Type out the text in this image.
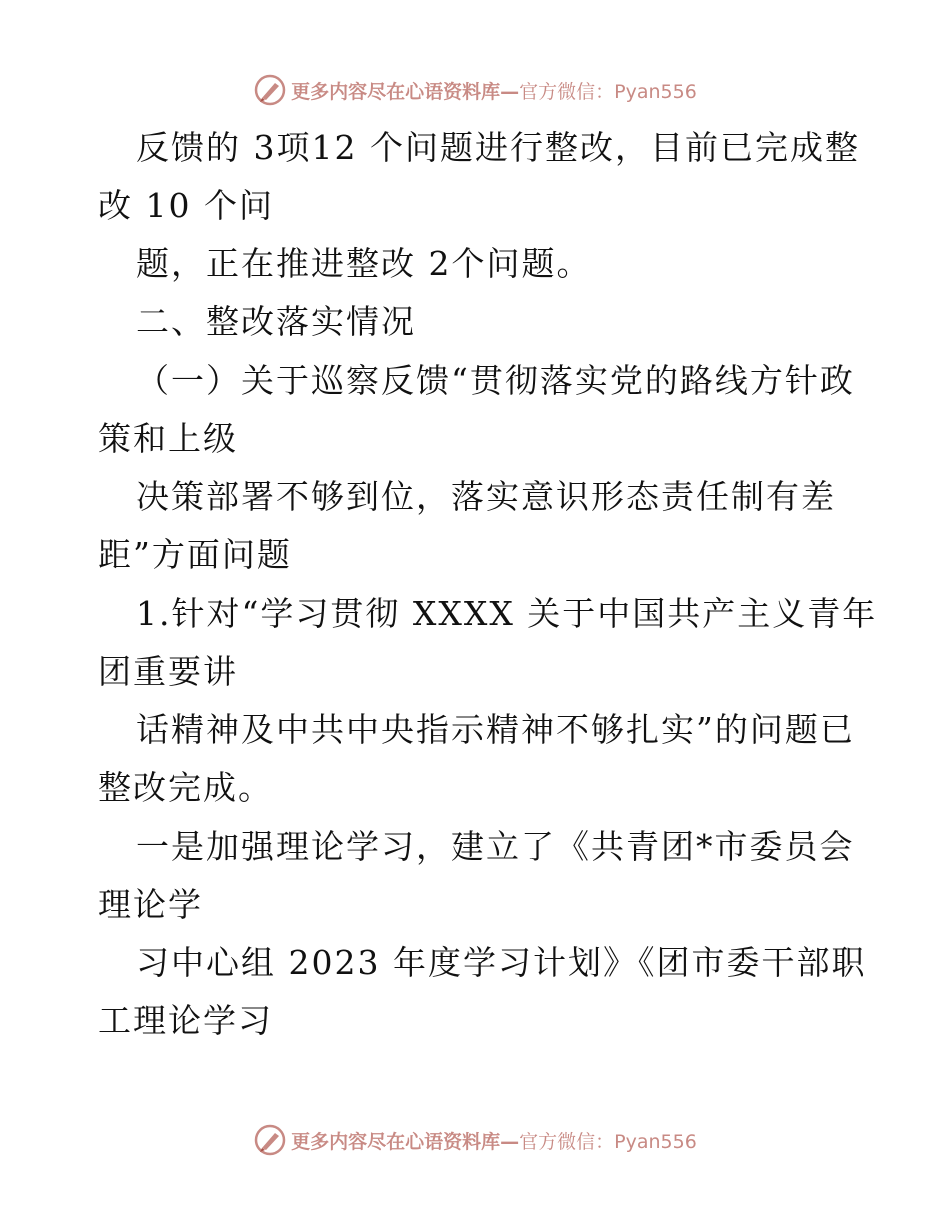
更多内容尽在心语资料库— 官方微信：Pyan556
反馈的 3项12 个问题进行整改，目前已完成整
改 10 个问
题，正在推进整改 2个问题。
二、整改落实情况
（一）关于巡察反馈“贯彻落实党的路线方针政
策和上级
决策部署不够到位，落实意识形态责任制有差
距”方面问题
1.针对“学习贯彻 XXXX 关于中国共产主义青年
团重要讲
话精神及中共中央指示精神不够扎实”的问题已
整改完成。
一是加强理论学习，建立了《共青团*市委员会
理论学
习中心组 2023 年度学习计划》《团市委干部职
工理论学习
更多内容尽在心语资料库— 官方微信：Pyan556
